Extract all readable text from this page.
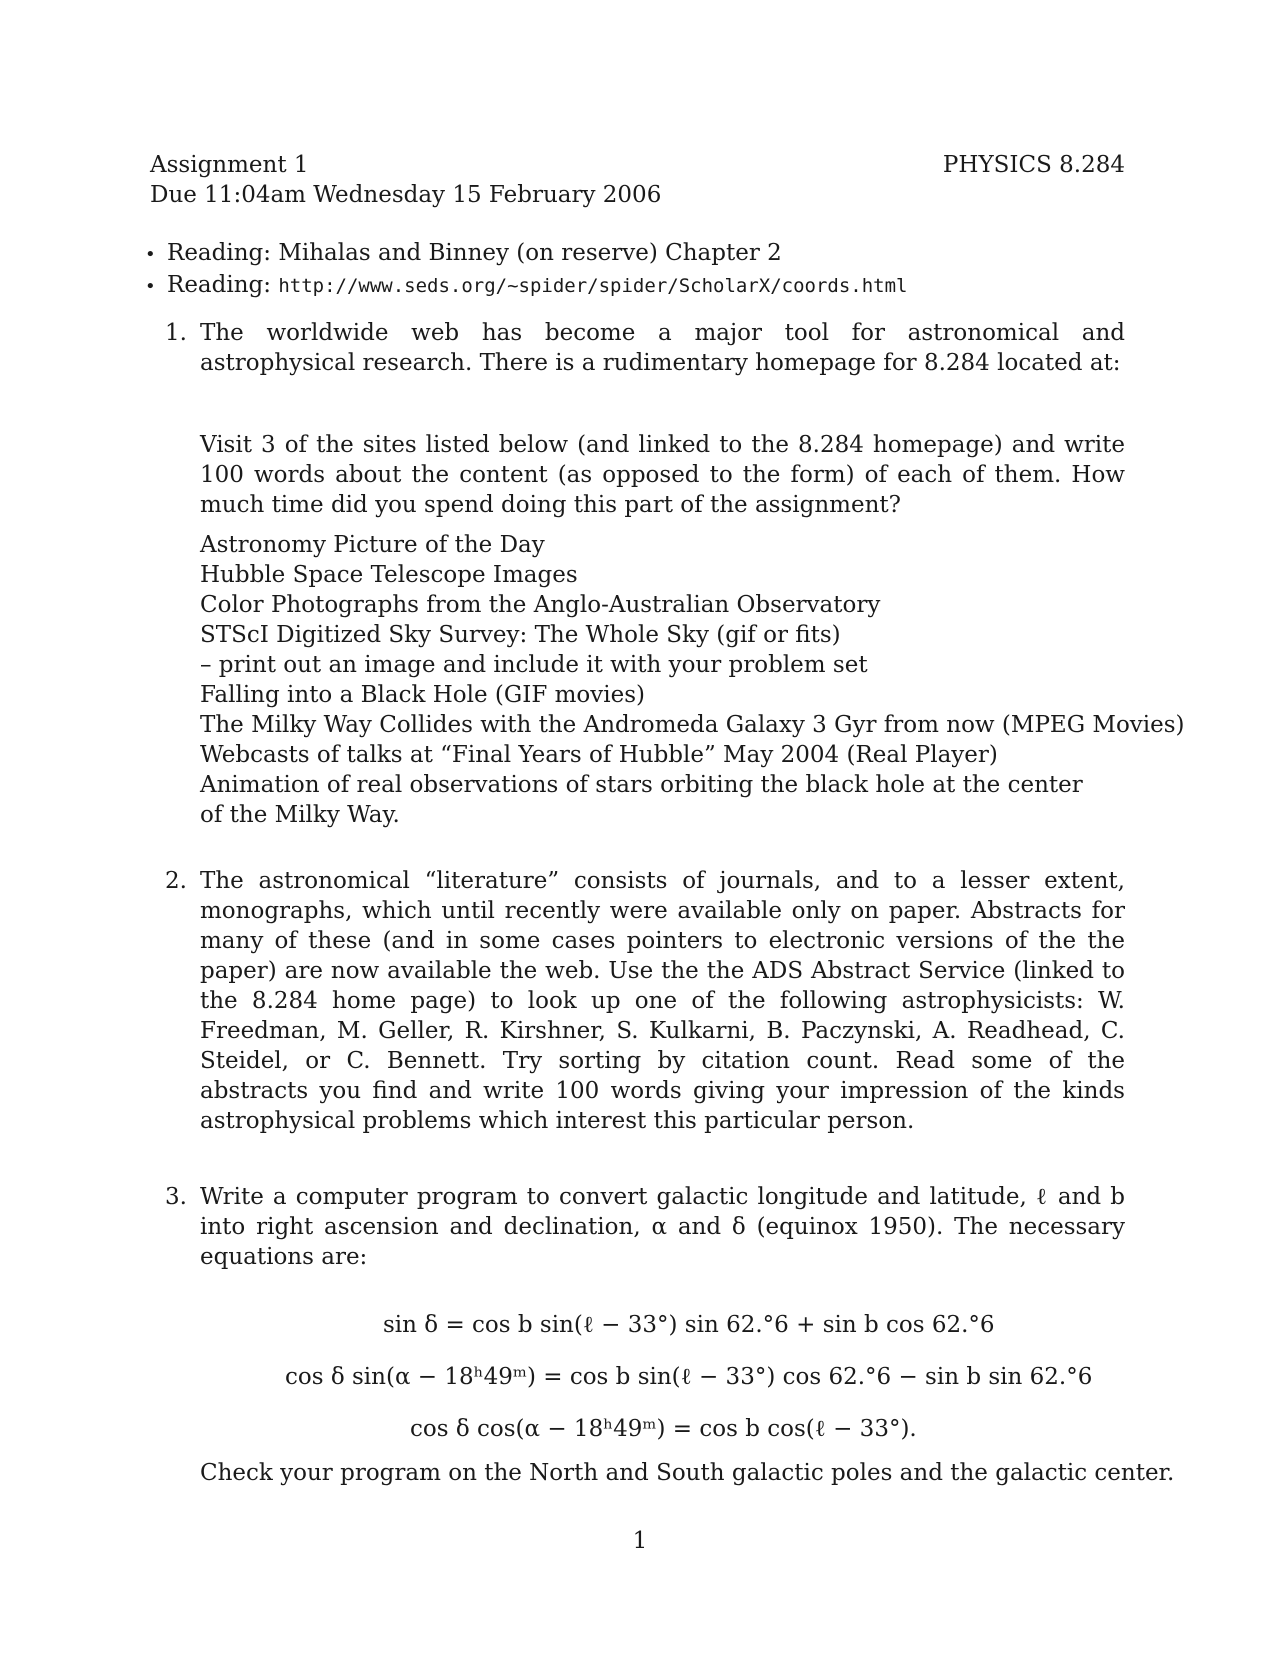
Assignment 1
Due 11:04am Wednesday 15 February 2006
PHYSICS 8.284
• Reading: Mihalas and Binney (on reserve) Chapter 2
• Reading: http://www.seds.org/~spider/spider/ScholarX/coords.html
1. The worldwide web has become a major tool for astronomical and astrophysical research. There is a rudimentary homepage for 8.284 located at:

Visit 3 of the sites listed below (and linked to the 8.284 homepage) and write 100 words about the content (as opposed to the form) of each of them. How much time did you spend doing this part of the assignment?

Astronomy Picture of the Day
Hubble Space Telescope Images
Color Photographs from the Anglo-Australian Observatory
STScI Digitized Sky Survey: The Whole Sky (gif or fits)
– print out an image and include it with your problem set
Falling into a Black Hole (GIF movies)
The Milky Way Collides with the Andromeda Galaxy 3 Gyr from now (MPEG Movies)
Webcasts of talks at “Final Years of Hubble” May 2004 (Real Player)
Animation of real observations of stars orbiting the black hole at the center
of the Milky Way.
2. The astronomical “literature” consists of journals, and to a lesser extent, monographs, which until recently were available only on paper. Abstracts for many of these (and in some cases pointers to electronic versions of the the paper) are now available the web. Use the the ADS Abstract Service (linked to the 8.284 home page) to look up one of the following astrophysicists: W. Freedman, M. Geller, R. Kirshner, S. Kulkarni, B. Paczynski, A. Readhead, C. Steidel, or C. Bennett. Try sorting by citation count. Read some of the abstracts you find and write 100 words giving your impression of the kinds astrophysical problems which interest this particular person.

3. Write a computer program to convert galactic longitude and latitude, ℓ and b into right ascension and declination, α and δ (equinox 1950). The necessary equations are:

sin δ = cos b sin(ℓ − 33°) sin 62.°6 + sin b cos 62.°6
cos δ sin(α − 18ʰ49ᵐ) = cos b sin(ℓ − 33°) cos 62.°6 − sin b sin 62.°6
cos δ cos(α − 18ʰ49ᵐ) = cos b cos(ℓ − 33°).
Check your program on the North and South galactic poles and the galactic center.
1
